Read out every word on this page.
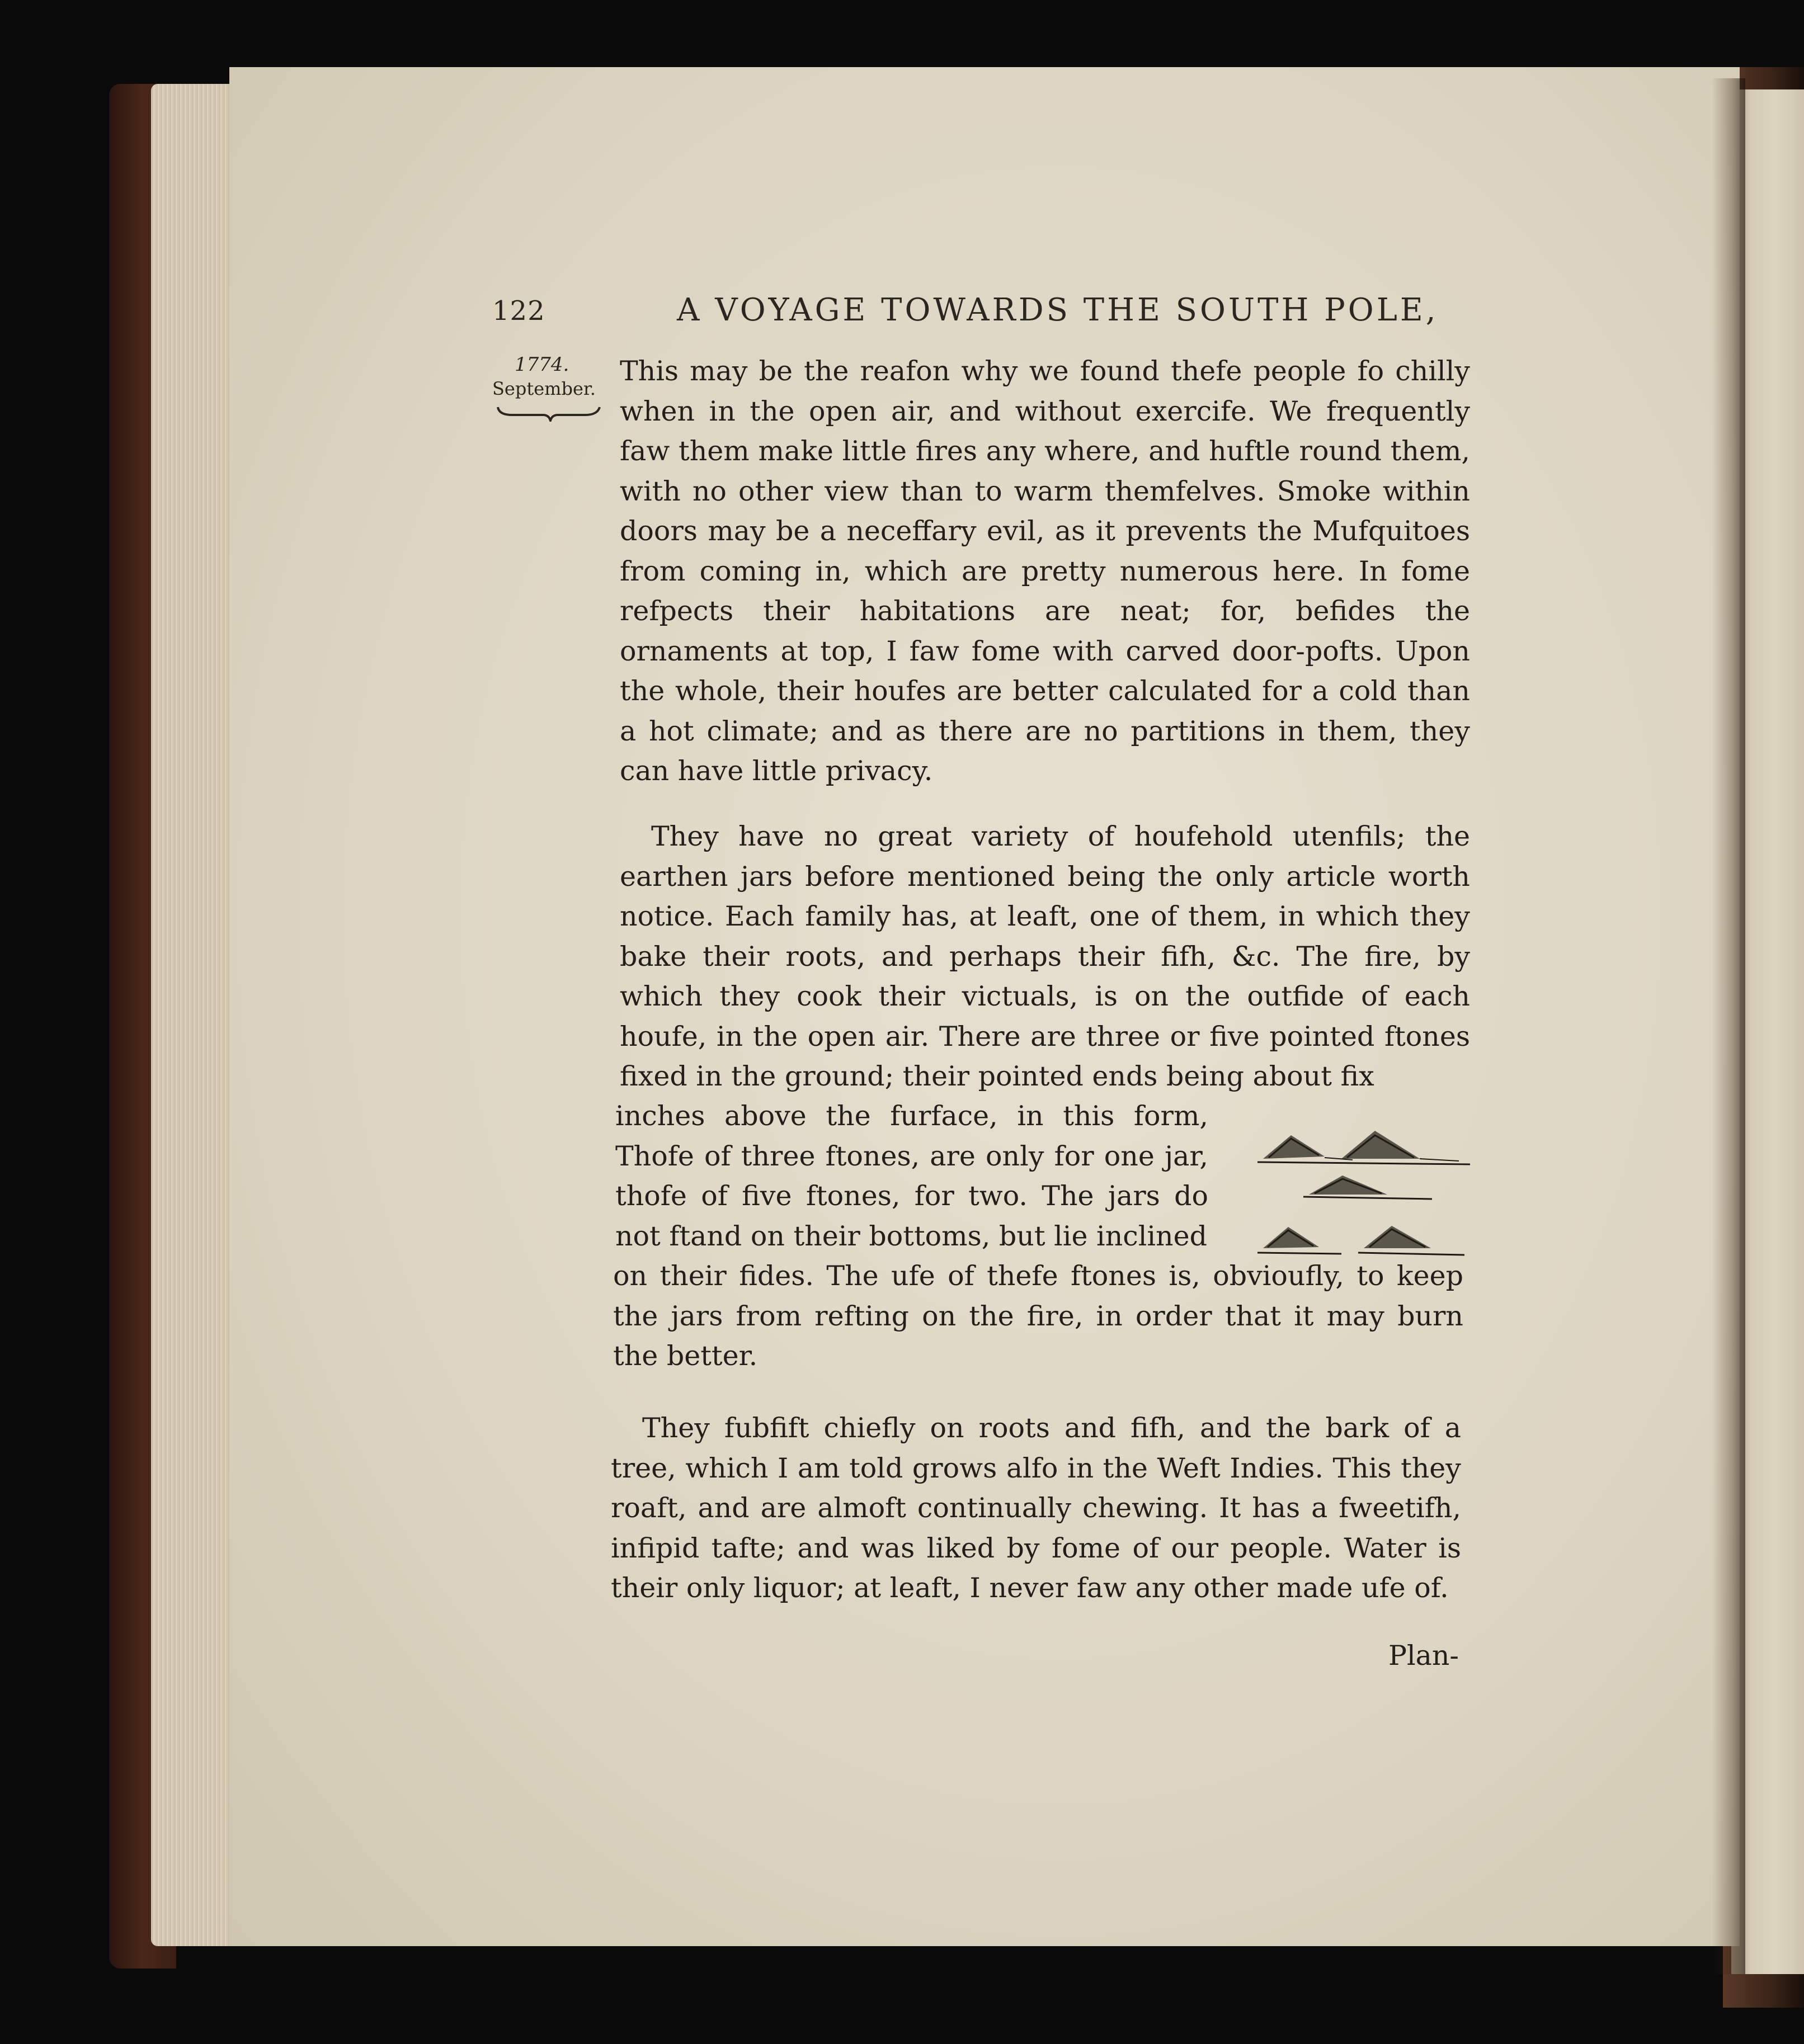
122	A VOYAGE TOWARDS THE SOUTH POLE,
1774.
September.

This may be the reafon why we found thefe people fo chilly when in the open air, and without exercife. We frequently faw them make little fires any where, and huftle round them, with no other view than to warm themfelves. Smoke within doors may be a neceffary evil, as it prevents the Mufquitoes from coming in, which are pretty numerous here. In fome refpects their habitations are neat; for, befides the ornaments at top, I faw fome with carved door-pofts. Upon the whole, their houfes are better calculated for a cold than a hot climate; and as there are no partitions in them, they can have little privacy.

They have no great variety of houfehold utenfils; the earthen jars before mentioned being the only article worth notice. Each family has, at leaft, one of them, in which they bake their roots, and perhaps their fifh, &c. The fire, by which they cook their victuals, is on the outfide of each houfe, in the open air. There are three or five pointed ftones fixed in the ground; their pointed ends being about fix

inches above the furface, in this form, Thofe of three ftones, are only for one jar, thofe of five ftones, for two. The jars do not ftand on their bottoms, but lie inclined

on their fides. The ufe of thefe ftones is, obvioufly, to keep the jars from refting on the fire, in order that it may burn the better.

They fubfift chiefly on roots and fifh, and the bark of a tree, which I am told grows alfo in the Weft Indies. This they roaft, and are almoft continually chewing. It has a fweetifh, infipid tafte; and was liked by fome of our people. Water is their only liquor; at leaft, I never faw any other made ufe of.

Plan-
